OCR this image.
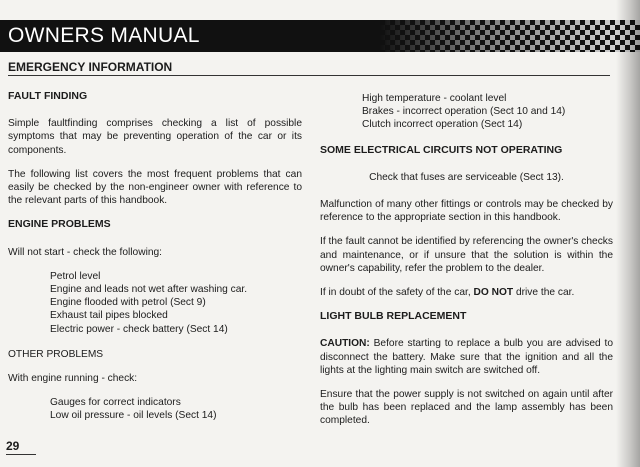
OWNERS MANUAL
EMERGENCY INFORMATION
FAULT FINDING
Simple faultfinding comprises checking a list of possible symptoms that may be preventing operation of the car or its components.
The following list covers the most frequent problems that can easily be checked by the non-engineer owner with reference to the relevant parts of this handbook.
ENGINE PROBLEMS
Will not start - check the following:
Petrol level
Engine and leads not wet after washing car.
Engine flooded with petrol (Sect 9)
Exhaust tail pipes blocked
Electric power - check battery (Sect 14)
OTHER PROBLEMS
With engine running - check:
Gauges for correct indicators
Low oil pressure - oil levels (Sect 14)
High temperature - coolant level
Brakes - incorrect operation (Sect 10 and 14)
Clutch incorrect operation (Sect 14)
SOME ELECTRICAL CIRCUITS NOT OPERATING
Check that fuses are serviceable (Sect 13).
Malfunction of many other fittings or controls may be checked by reference to the appropriate section in this handbook.
If the fault cannot be identified by referencing the owner's checks and maintenance, or if unsure that the solution is within the owner's capability, refer the problem to the dealer.
If in doubt of the safety of the car, DO NOT drive the car.
LIGHT BULB REPLACEMENT
CAUTION: Before starting to replace a bulb you are advised to disconnect the battery. Make sure that the ignition and all the lights at the lighting main switch are switched off.
Ensure that the power supply is not switched on again until after the bulb has been replaced and the lamp assembly has been completed.
29
